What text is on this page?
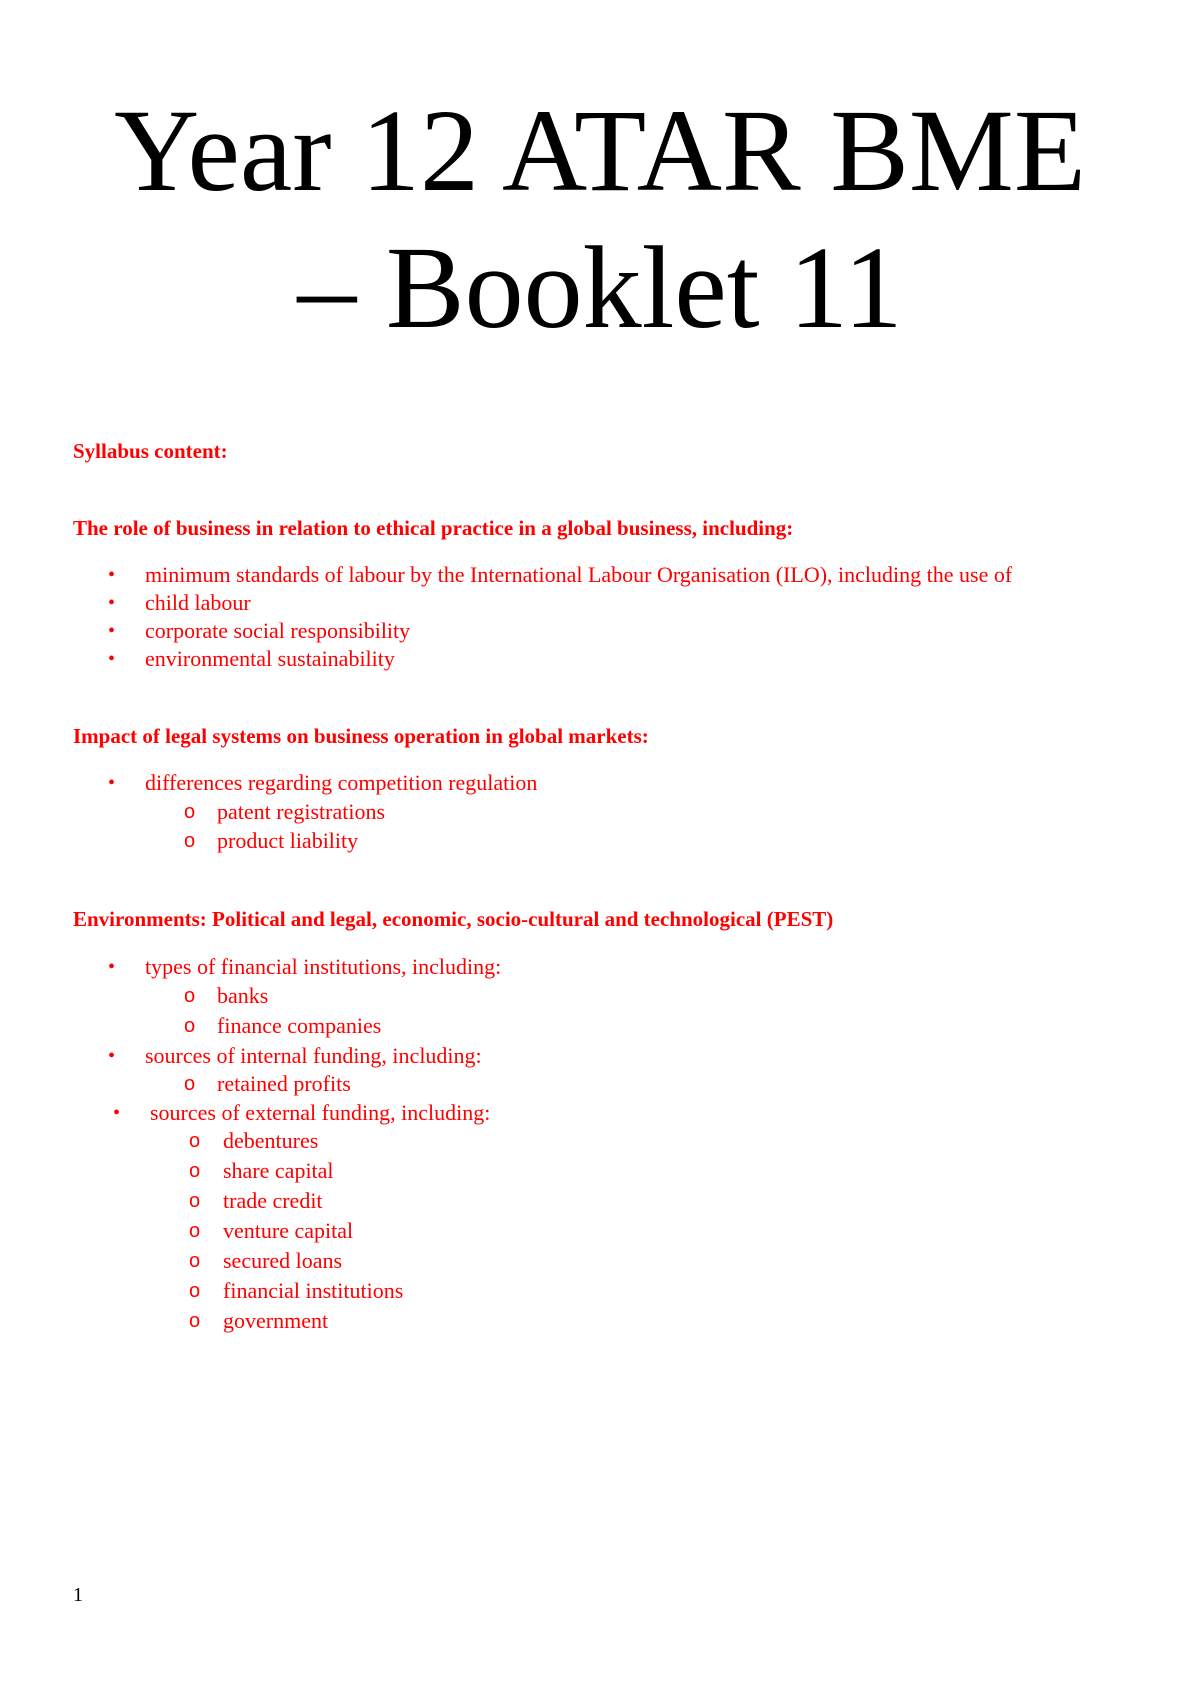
Year 12 ATAR BME
– Booklet 11
Syllabus content:
The role of business in relation to ethical practice in a global business, including:
• minimum standards of labour by the International Labour Organisation (ILO), including the use of
• child labour
• corporate social responsibility
• environmental sustainability
Impact of legal systems on business operation in global markets:
• differences regarding competition regulation
o patent registrations
o product liability
Environments: Political and legal, economic, socio-cultural and technological (PEST)
• types of financial institutions, including:
o banks
o finance companies
• sources of internal funding, including:
o retained profits
• sources of external funding, including:
o debentures
o share capital
o trade credit
o venture capital
o secured loans
o financial institutions
o government
1
